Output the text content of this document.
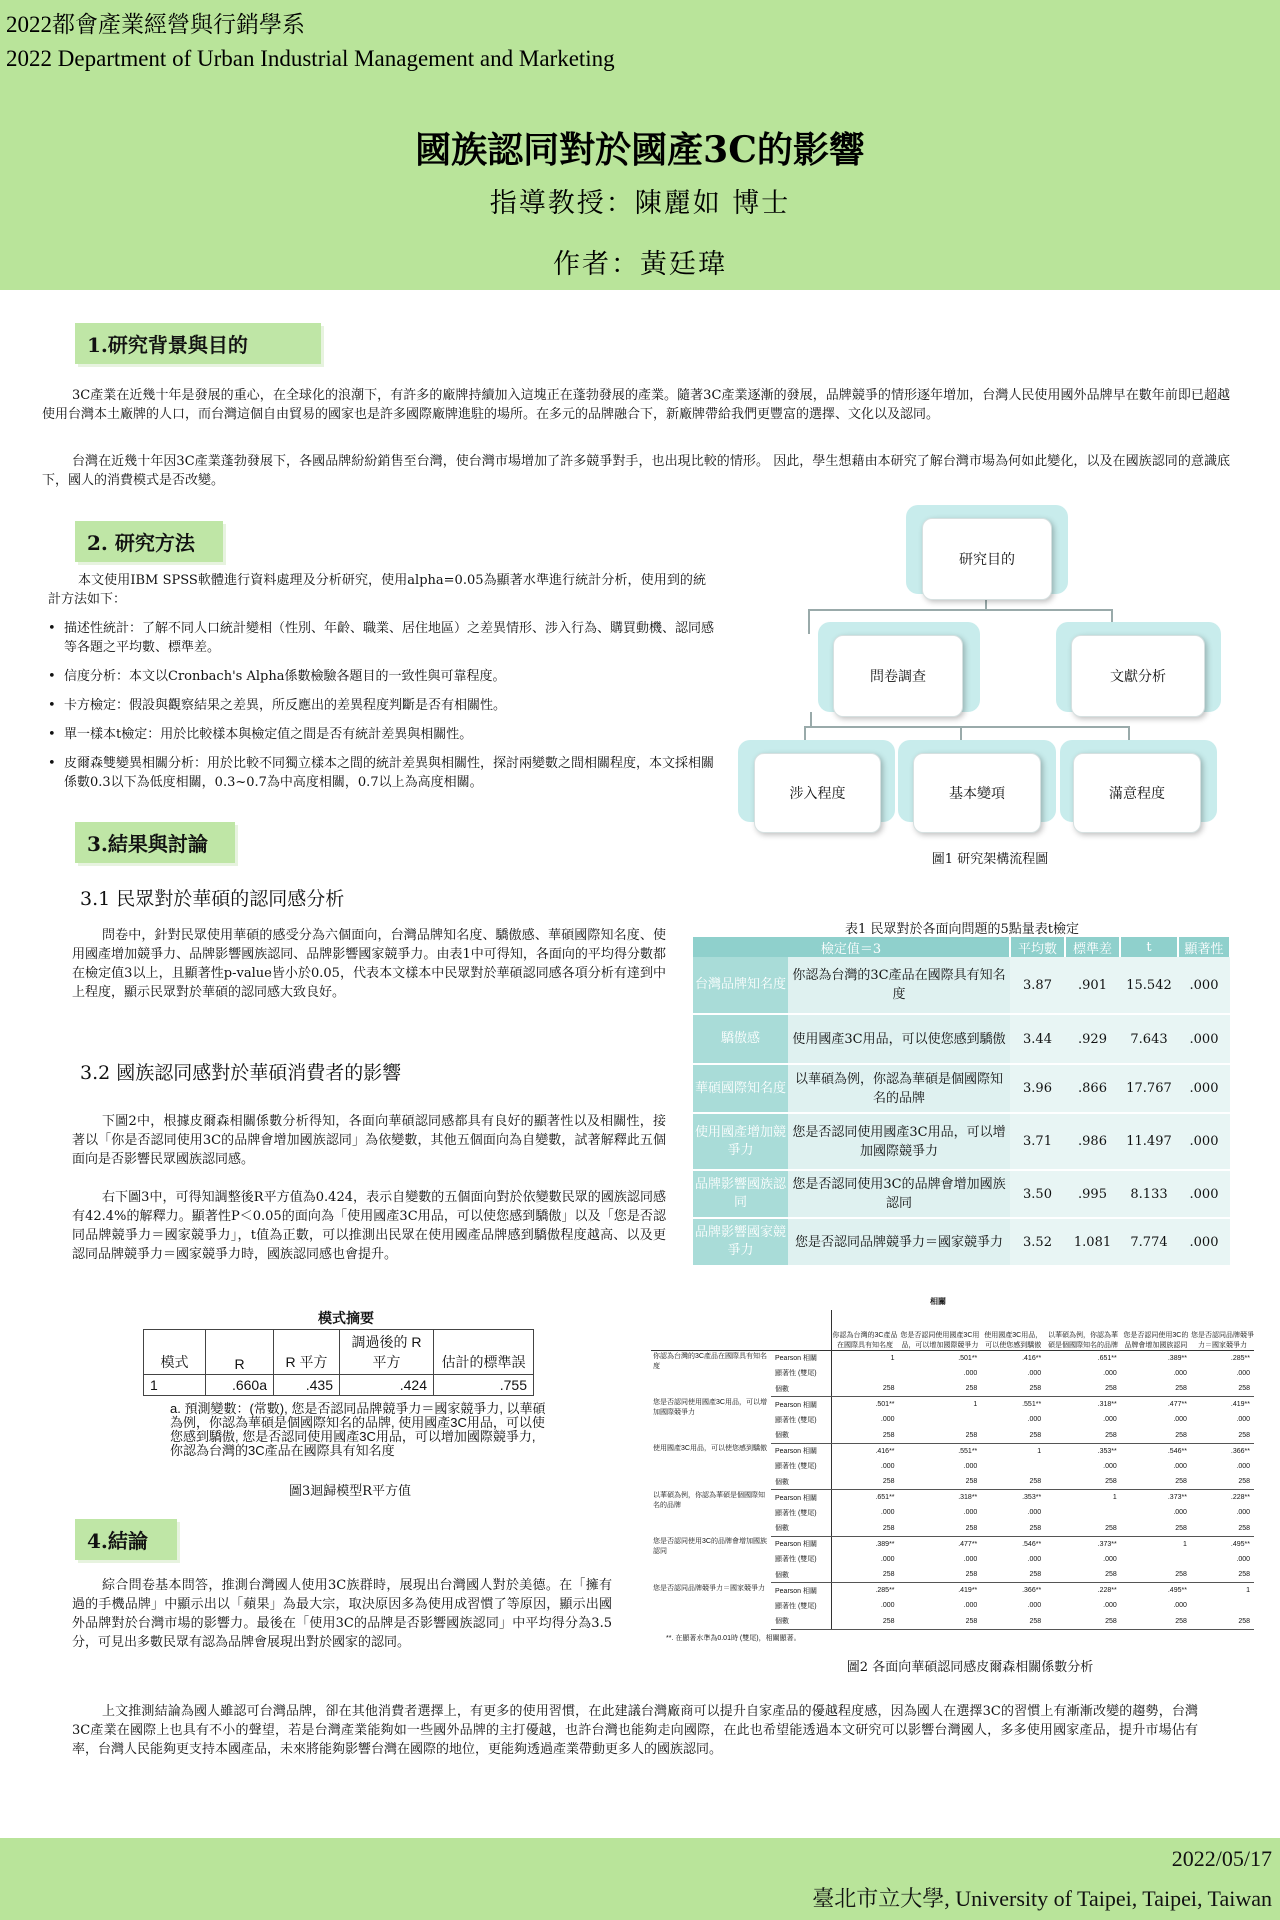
2022都會產業經營與行銷學系
2022 Department of Urban Industrial Management and Marketing
國族認同對於國產3C的影響
指導教授：陳麗如 博士
作者：黃廷瑋
1.研究背景與目的
3C產業在近幾十年是發展的重心，在全球化的浪潮下，有許多的廠牌持續加入這塊正在蓬勃發展的產業。隨著3C產業逐漸的發展，品牌競爭的情形逐年增加，台灣人民使用國外品牌早在數年前即已超越使用台灣本土廠牌的人口，而台灣這個自由貿易的國家也是許多國際廠牌進駐的場所。在多元的品牌融合下，新廠牌帶給我們更豐富的選擇、文化以及認同。
台灣在近幾十年因3C產業蓬勃發展下，各國品牌紛紛銷售至台灣，使台灣市場增加了許多競爭對手，也出現比較的情形。 因此，學生想藉由本研究了解台灣市場為何如此變化，以及在國族認同的意識底下，國人的消費模式是否改變。
2. 研究方法
本文使用IBM SPSS軟體進行資料處理及分析研究，使用alpha=0.05為顯著水準進行統計分析，使用到的統計方法如下：
• 描述性統計：了解不同人口統計變相（性別、年齡、職業、居住地區）之差異情形、涉入行為、購買動機、認同感等各題之平均數、標準差。
• 信度分析：本文以Cronbach's Alpha係數檢驗各題目的一致性與可靠程度。
• 卡方檢定：假設與觀察結果之差異，所反應出的差異程度判斷是否有相關性。
• 單一樣本t檢定：用於比較樣本與檢定值之間是否有統計差異與相關性。
• 皮爾森雙變異相關分析：用於比較不同獨立樣本之間的統計差異與相關性，探討兩變數之間相關程度，本文採相關係數0.3以下為低度相關，0.3~0.7為中高度相關，0.7以上為高度相關。
研究目的
問卷調查	文獻分析
涉入程度	基本變項	滿意程度
圖1 研究架構流程圖
3.結果與討論
3.1 民眾對於華碩的認同感分析
問卷中，針對民眾使用華碩的感受分為六個面向，台灣品牌知名度、驕傲感、華碩國際知名度、使用國產增加競爭力、品牌影響國族認同、品牌影響國家競爭力。由表1中可得知，各面向的平均得分數都在檢定值3以上，且顯著性p-value皆小於0.05，代表本文樣本中民眾對於華碩認同感各項分析有達到中上程度，顯示民眾對於華碩的認同感大致良好。
3.2 國族認同感對於華碩消費者的影響
下圖2中，根據皮爾森相關係數分析得知，各面向華碩認同感都具有良好的顯著性以及相關性，接著以「你是否認同使用3C的品牌會增加國族認同」為依變數，其他五個面向為自變數，試著解釋此五個面向是否影響民眾國族認同感。
右下圖3中，可得知調整後R平方值為0.424，表示自變數的五個面向對於依變數民眾的國族認同感有42.4%的解釋力。顯著性P＜0.05的面向為「使用國產3C用品，可以使您感到驕傲」以及「您是否認同品牌競爭力＝國家競爭力」，t值為正數，可以推測出民眾在使用國產品牌感到驕傲程度越高、以及更認同品牌競爭力＝國家競爭力時，國族認同感也會提升。
表1 民眾對於各面向問題的5點量表t檢定
檢定值＝3		平均數	標準差	t	顯著性
台灣品牌知名度	你認為台灣的3C產品在國際具有知名度	3.87	.901	15.542	.000
驕傲感	使用國產3C用品，可以使您感到驕傲	3.44	.929	7.643	.000
華碩國際知名度	以華碩為例，你認為華碩是個國際知名的品牌	3.96	.866	17.767	.000
使用國產增加競爭力	您是否認同使用國產3C用品，可以增加國際競爭力	3.71	.986	11.497	.000
品牌影響國族認同	您是否認同使用3C的品牌會增加國族認同	3.50	.995	8.133	.000
品牌影響國家競爭力	您是否認同品牌競爭力＝國家競爭力	3.52	1.081	7.774	.000
相關
		你認為台灣的3C產品在國際具有知名度	您是否認同使用國產3C用品，可以增加國際競爭力	使用國產3C用品，可以使您感到驕傲	以華碩為例，你認為華碩是個國際知名的品牌	您是否認同使用3C的品牌會增加國族認同	您是否認同品牌競爭力＝國家競爭力
你認為台灣的3C產品在國際具有知名度	Pearson 相關	1	.501**	.416**	.651**	.389**	.285**
	顯著性 (雙尾)		.000	.000	.000	.000	.000
	個數	258	258	258	258	258	258
您是否認同使用國產3C用品，可以增加國際競爭力	Pearson 相關	.501**	1	.551**	.318**	.477**	.419**
	顯著性 (雙尾)	.000		.000	.000	.000	.000
	個數	258	258	258	258	258	258
使用國產3C用品，可以使您感到驕傲	Pearson 相關	.416**	.551**	1	.353**	.546**	.366**
	顯著性 (雙尾)	.000	.000		.000	.000	.000
	個數	258	258	258	258	258	258
以華碩為例，你認為華碩是個國際知名的品牌	Pearson 相關	.651**	.318**	.353**	1	.373**	.228**
	顯著性 (雙尾)	.000	.000	.000		.000	.000
	個數	258	258	258	258	258	258
您是否認同使用3C的品牌會增加國族認同	Pearson 相關	.389**	.477**	.546**	.373**	1	.495**
	顯著性 (雙尾)	.000	.000	.000	.000		.000
	個數	258	258	258	258	258	258
您是否認同品牌競爭力＝國家競爭力	Pearson 相關	.285**	.419**	.366**	.228**	.495**	1
	顯著性 (雙尾)	.000	.000	.000	.000	.000	
	個數	258	258	258	258	258	258
**. 在顯著水準為0.01時 (雙尾)，相關顯著。
圖2 各面向華碩認同感皮爾森相關係數分析
模式摘要
模式	R	R 平方	調過後的 R 平方	估計的標準誤
1	.660a	.435	.424	.755
a. 預測變數：(常數), 您是否認同品牌競爭力＝國家競爭力, 以華碩為例，你認為華碩是個國際知名的品牌, 使用國產3C用品，可以使您感到驕傲, 您是否認同使用國產3C用品，可以增加國際競爭力, 你認為台灣的3C產品在國際具有知名度
圖3迴歸模型R平方值
4.結論
綜合問卷基本問答，推測台灣國人使用3C族群時，展現出台灣國人對於美德。在「擁有過的手機品牌」中顯示出以「蘋果」為最大宗，取決原因多為使用成習慣了等原因，顯示出國外品牌對於台灣市場的影響力。最後在「使用3C的品牌是否影響國族認同」中平均得分為3.5分，可見出多數民眾有認為品牌會展現出對於國家的認同。
上文推測結論為國人雖認可台灣品牌，卻在其他消費者選擇上，有更多的使用習慣，在此建議台灣廠商可以提升自家產品的優越程度感，因為國人在選擇3C的習慣上有漸漸改變的趨勢，台灣3C產業在國際上也具有不小的聲望，若是台灣產業能夠如一些國外品牌的主打優越，也許台灣也能夠走向國際，在此也希望能透過本文研究可以影響台灣國人，多多使用國家產品，提升市場佔有率，台灣人民能夠更支持本國產品，未來將能夠影響台灣在國際的地位，更能夠透過產業帶動更多人的國族認同。
2022/05/17
臺北市立大學, University of Taipei, Taipei, Taiwan
